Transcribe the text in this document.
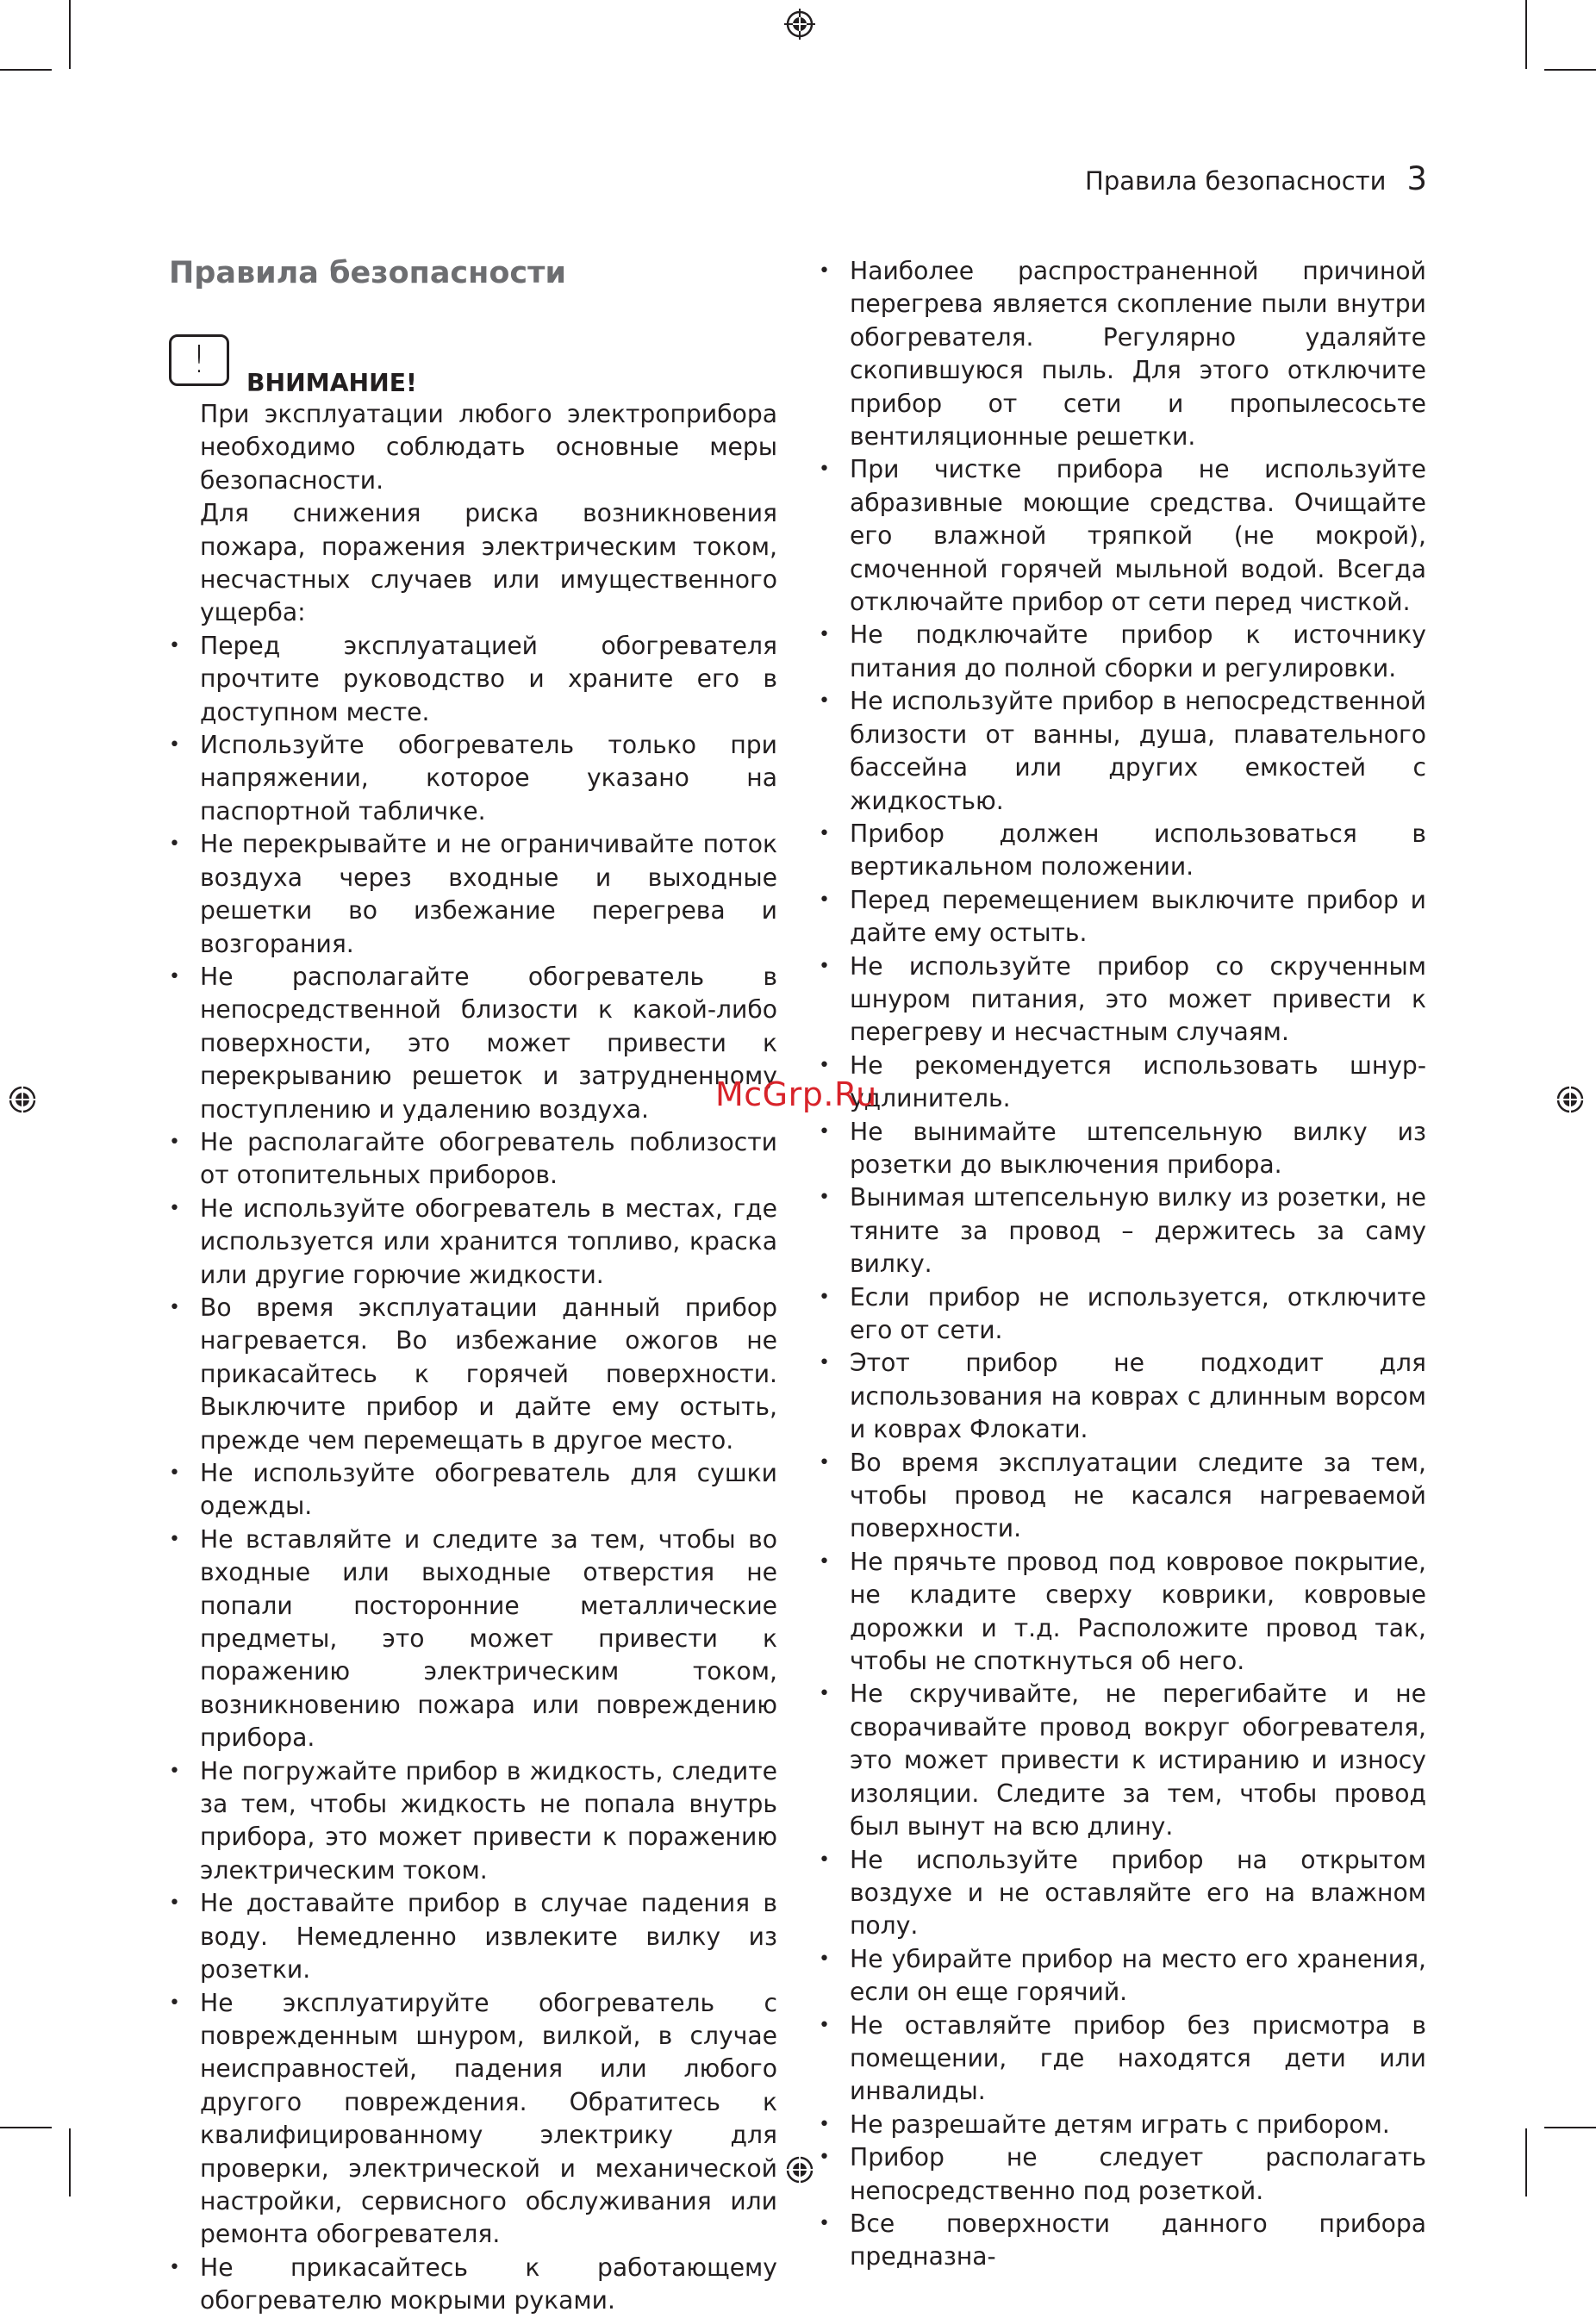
Правила безопасности 3
Правила безопасности
!
ВНИМАНИЕ!

При эксплуатации любого электроприбора необходимо соблюдать основные меры безопасности.

Для снижения риска возникновения пожара, поражения электрическим током, несчастных случаев или имущественного ущерба:

• Перед эксплуатацией обогревателя прочтите руководство и храните его в доступном месте.
• Используйте обогреватель только при напряжении, которое указано на паспортной табличке.
• Не перекрывайте и не ограничивайте поток воздуха через входные и выходные решетки во избежание перегрева и возгорания.
• Не располагайте обогреватель в непосредственной близости к какой-либо поверхности, это может привести к перекрыванию решеток и затрудненному поступлению и удалению воздуха.
• Не располагайте обогреватель поблизости от отопительных приборов.
• Не используйте обогреватель в местах, где используется или хранится топливо, краска или другие горючие жидкости.
• Во время эксплуатации данный прибор нагревается. Во избежание ожогов не прикасайтесь к горячей поверхности. Выключите прибор и дайте ему остыть, прежде чем перемещать в другое место.
• Не используйте обогреватель для сушки одежды.
• Не вставляйте и следите за тем, чтобы во входные или выходные отверстия не попали посторонние металлические предметы, это может привести к поражению электрическим током, возникновению пожара или повреждению прибора.
• Не погружайте прибор в жидкость, следите за тем, чтобы жидкость не попала внутрь прибора, это может привести к поражению электрическим током.
• Не доставайте прибор в случае падения в воду. Немедленно извлеките вилку из розетки.
• Не эксплуатируйте обогреватель с поврежденным шнуром, вилкой, в случае неисправностей, падения или любого другого повреждения. Обратитесь к квалифицированному электрику для проверки, электрической и механической настройки, сервисного обслуживания или ремонта обогревателя.
• Не прикасайтесь к работающему обогревателю мокрыми руками.
• Наиболее распространенной причиной перегрева является скопление пыли внутри обогревателя. Регулярно удаляйте скопившуюся пыль. Для этого отключите прибор от сети и пропылесосьте вентиляционные решетки.
• При чистке прибора не используйте абразивные моющие средства. Очищайте его влажной тряпкой (не мокрой), смоченной горячей мыльной водой. Всегда отключайте прибор от сети перед чисткой.
• Не подключайте прибор к источнику питания до полной сборки и регулировки.
• Не используйте прибор в непосредственной близости от ванны, душа, плавательного бассейна или других емкостей с жидкостью.
• Прибор должен использоваться в вертикальном положении.
• Перед перемещением выключите прибор и дайте ему остыть.
• Не используйте прибор со скрученным шнуром питания, это может привести к перегреву и несчастным случаям.
• Не рекомендуется использовать шнур-удлинитель.
• Не вынимайте штепсельную вилку из розетки до выключения прибора.
• Вынимая штепсельную вилку из розетки, не тяните за провод – держитесь за саму вилку.
• Если прибор не используется, отключите его от сети.
• Этот прибор не подходит для использования на коврах с длинным ворсом и коврах Флокати.
• Во время эксплуатации следите за тем, чтобы провод не касался нагреваемой поверхности.
• Не прячьте провод под ковровое покрытие, не кладите сверху коврики, ковровые дорожки и т.д. Расположите провод так, чтобы не споткнуться об него.
• Не скручивайте, не перегибайте и не сворачивайте провод вокруг обогревателя, это может привести к истиранию и износу изоляции. Следите за тем, чтобы провод был вынут на всю длину.
• Не используйте прибор на открытом воздухе и не оставляйте его на влажном полу.
• Не убирайте прибор на место его хранения, если он еще горячий.
• Не оставляйте прибор без присмотра в помещении, где находятся дети или инвалиды.
• Не разрешайте детям играть с прибором.
• Прибор не следует располагать непосредственно под розеткой.
• Все поверхности данного прибора предназна-
McGrp.Ru
